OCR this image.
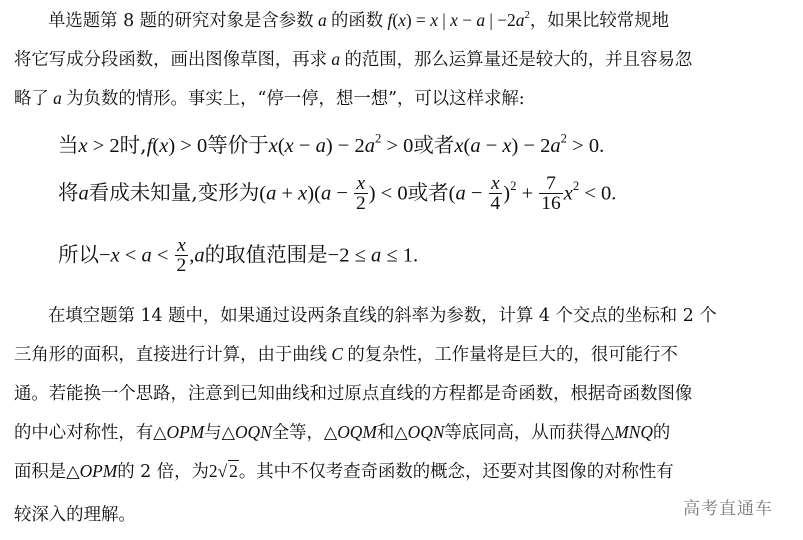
单选题第 8 题的研究对象是含参数 a 的函数 f(x) = x | x − a | $-2a^2$，如果比较常规地
将它写成分段函数，画出图像草图，再求 a 的范围，那么运算量还是较大的，并且容易忽
略了 a 为负数的情形。事实上，“停一停，想一想”，可以这样求解:
当x > 2时,f(x) > 0等价于$x(x - a) - 2a^2 > 0$或者$x(a - x) - 2a^2 > 0$.
将a看成未知量,变形为$(a + x)(a - \frac{x}{2}$ ) < 0或者$(a - \frac{x}{4} )^2 + \frac{7}{16} x^2 < 0$.
所以$-x < a < \frac{x}{2} ,a$的取值范围是−2 ≤ a ≤ 1.
在填空题第 14 题中，如果通过设两条直线的斜率为参数，计算 4 个交点的坐标和 2 个
三角形的面积，直接进行计算，由于曲线 C 的复杂性，工作量将是巨大的，很可能行不
通。若能换一个思路，注意到已知曲线和过原点直线的方程都是奇函数，根据奇函数图像
的中心对称性，有△OPM与△OQN全等，△OQM和△OQN等底同高，从而获得△MNQ的
面积是△OPM的 2 倍，为2√ 2。其中不仅考查奇函数的概念，还要对其图像的对称性有
较深入的理解。	高考直通车
